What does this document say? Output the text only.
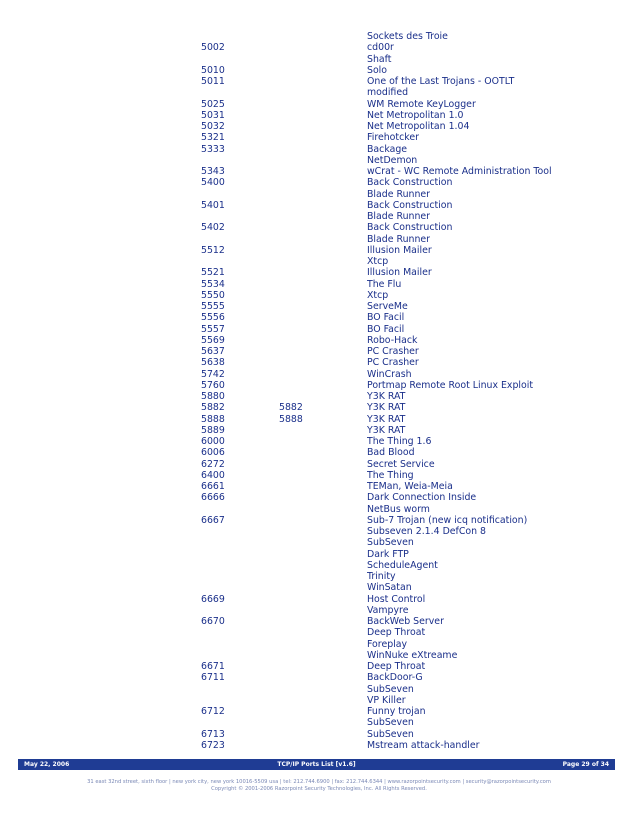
			Sockets des Troie
	5002		cd00r
			Shaft
	5010		Solo
	5011		One of the Last Trojans - OOTLT
			modified
	5025		WM Remote KeyLogger
	5031		Net Metropolitan 1.0
	5032		Net Metropolitan 1.04
	5321		Firehotcker
	5333		Backage
			NetDemon
	5343		wCrat - WC Remote Administration Tool
	5400		Back Construction
			Blade Runner
	5401		Back Construction
			Blade Runner
	5402		Back Construction
			Blade Runner
	5512		Illusion Mailer
			Xtcp
	5521		Illusion Mailer
	5534		The Flu
	5550		Xtcp
	5555		ServeMe
	5556		BO Facil
	5557		BO Facil
	5569		Robo-Hack
	5637		PC Crasher
	5638		PC Crasher
	5742		WinCrash
	5760		Portmap Remote Root Linux Exploit
	5880		Y3K RAT
	5882	5882	Y3K RAT
	5888	5888	Y3K RAT
	5889		Y3K RAT
	6000		The Thing 1.6
	6006		Bad Blood
	6272		Secret Service
	6400		The Thing
	6661		TEMan, Weia-Meia
	6666		Dark Connection Inside
			NetBus worm
	6667		Sub-7 Trojan (new icq notification)
			Subseven 2.1.4 DefCon 8
			SubSeven
			Dark FTP
			ScheduleAgent
			Trinity
			WinSatan
	6669		Host Control
			Vampyre
	6670		BackWeb Server
			Deep Throat
			Foreplay
			WinNuke eXtreame
	6671		Deep Throat
	6711		BackDoor-G
			SubSeven
			VP Killer
	6712		Funny trojan
			SubSeven
	6713		SubSeven
	6723		Mstream attack-handler
May 22, 2006	TCP/IP Ports List [v1.6]	Page 29 of 34
31 east 32nd street, sixth floor | new york city, new york 10016-5509 usa | tel: 212.744.6900 | fax: 212.744.6344 | www.razorpointsecurity.com | security@razorpointsecurity.com
Copyright © 2001-2006 Razorpoint Security Technologies, Inc. All Rights Reserved.
